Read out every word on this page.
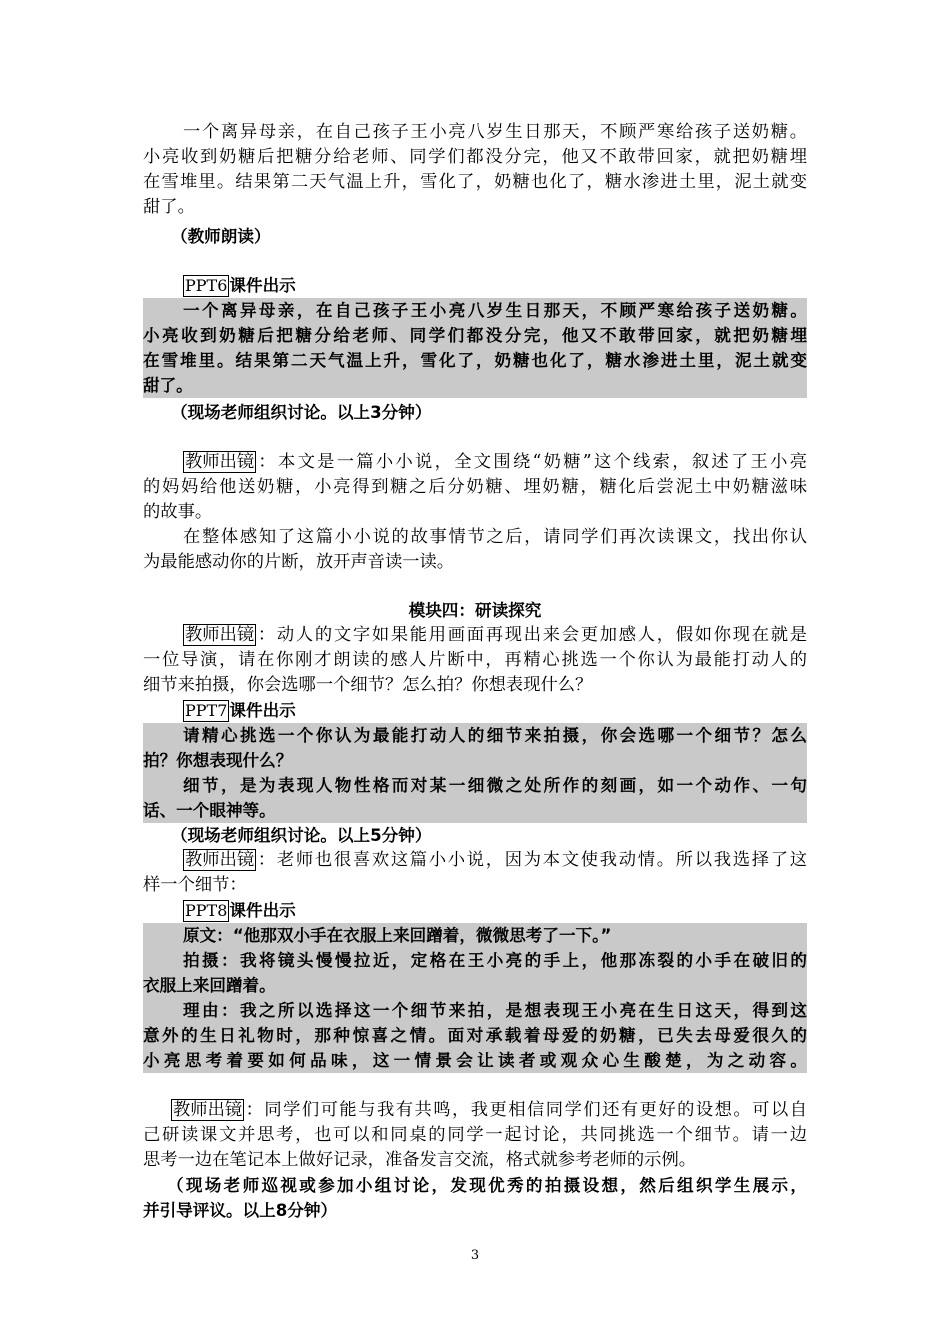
一个离异母亲，在自己孩子王小亮八岁生日那天，不顾严寒给孩子送奶糖。
小亮收到奶糖后把糖分给老师、同学们都没分完，他又不敢带回家，就把奶糖埋
在雪堆里。结果第二天气温上升，雪化了，奶糖也化了，糖水渗进土里，泥土就变
甜了。
（教师朗读）
PPT6 课件出示
一个离异母亲，在自己孩子王小亮八岁生日那天，不顾严寒给孩子送奶糖。
小亮收到奶糖后把糖分给老师、同学们都没分完，他又不敢带回家，就把奶糖埋
在雪堆里。结果第二天气温上升，雪化了，奶糖也化了，糖水渗进土里，泥土就变
甜了。
（现场老师组织讨论。以上3分钟）
教师出镜 ：本文是一篇小小说，全文围绕“奶糖”这个线索，叙述了王小亮
的妈妈给他送奶糖，小亮得到糖之后分奶糖、埋奶糖，糖化后尝泥土中奶糖滋味
的故事。
在整体感知了这篇小小说的故事情节之后，请同学们再次读课文，找出你认
为最能感动你的片断，放开声音读一读。
模块四：研读探究
教师出镜 ：动人的文字如果能用画面再现出来会更加感人，假如你现在就是
一位导演，请在你刚才朗读的感人片断中，再精心挑选一个你认为最能打动人的
细节来拍摄，你会选哪一个细节？怎么拍？你想表现什么？
PPT7 课件出示
请精心挑选一个你认为最能打动人的细节来拍摄，你会选哪一个细节？怎么
拍？你想表现什么？
细节，是为表现人物性格而对某一细微之处所作的刻画，如一个动作、一句
话、一个眼神等。
（现场老师组织讨论。以上5分钟）
教师出镜 ：老师也很喜欢这篇小小说，因为本文使我动情。所以我选择了这
样一个细节：
PPT8 课件出示
原文：“他那双小手在衣服上来回蹭着，微微思考了一下。”
拍摄：我将镜头慢慢拉近，定格在王小亮的手上，他那冻裂的小手在破旧的
衣服上来回蹭着。
理由：我之所以选择这一个细节来拍，是想表现王小亮在生日这天，得到这
意外的生日礼物时，那种惊喜之情。面对承载着母爱的奶糖，已失去母爱很久的
小亮思考着要如何品味，这一情景会让读者或观众心生酸楚，为之动容。
教师出镜 ：同学们可能与我有共鸣，我更相信同学们还有更好的设想。可以自
己研读课文并思考，也可以和同桌的同学一起讨论，共同挑选一个细节。请一边
思考一边在笔记本上做好记录，准备发言交流，格式就参考老师的示例。
（现场老师巡视或参加小组讨论，发现优秀的拍摄设想，然后组织学生展示，
并引导评议。以上8分钟）
3
